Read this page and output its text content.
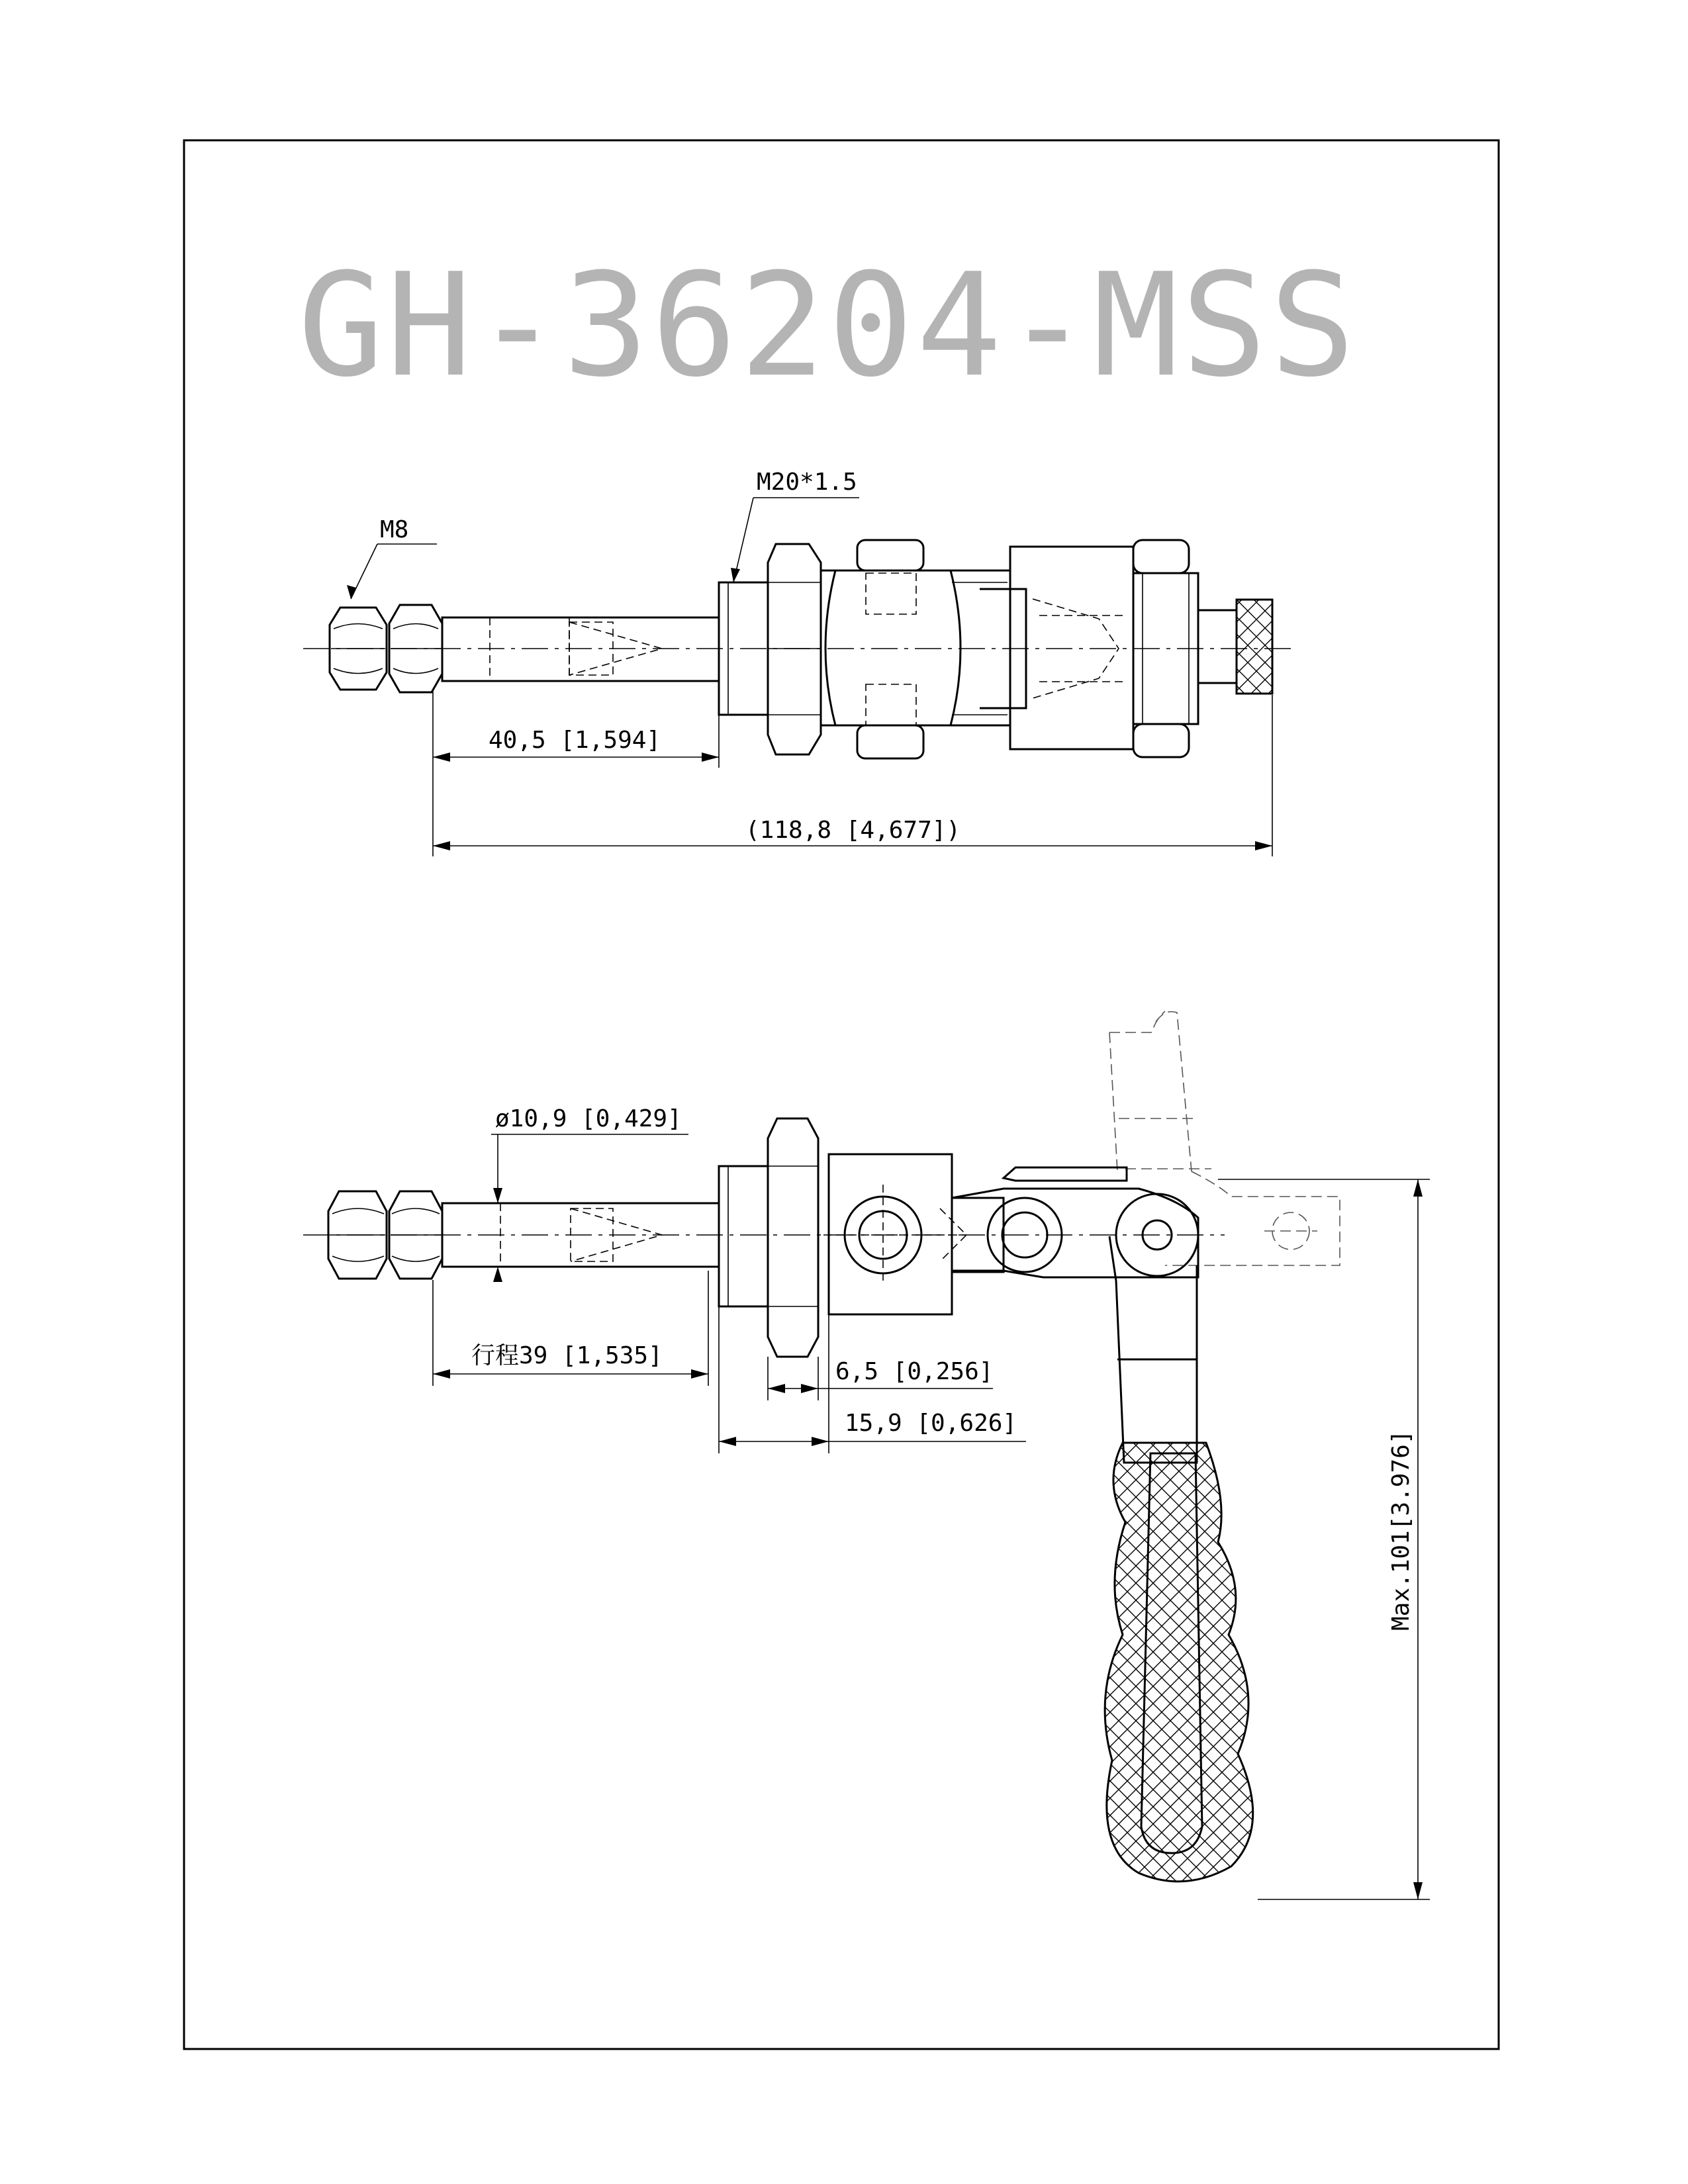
GH-36204-MSS
M8
M20*1.5
40,5 [1,594]
(118,8 [4,677])
ø10,9 [0,429]
行程39 [1,535]
6,5 [0,256]
15,9 [0,626]
Max.101[3.976]
